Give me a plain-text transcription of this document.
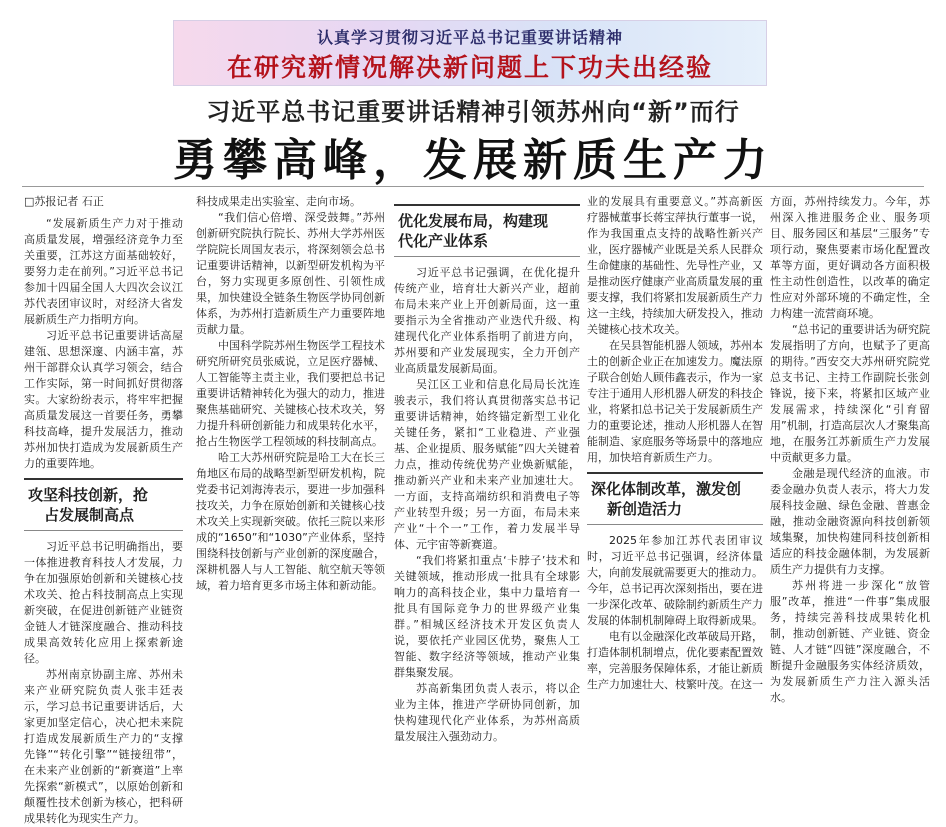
认真学习贯彻习近平总书记重要讲话精神
在研究新情况解决新问题上下功夫出经验
习近平总书记重要讲话精神引领苏州向“新”而行
勇攀高峰，发展新质生产力

□苏报记者 石正

“发展新质生产力对于推动高质量发展，增强经济竞争力至关重要，江苏这方面基础较好，要努力走在前列。”习近平总书记参加十四届全国人大四次会议江苏代表团审议时，对经济大省发展新质生产力指明方向。

习近平总书记重要讲话高屋建瓴、思想深邃、内涵丰富，苏州干部群众认真学习领会，结合工作实际，第一时间抓好贯彻落实。大家纷纷表示，将牢牢把握高质量发展这一首要任务，勇攀科技高峰，提升发展活力，推动苏州加快打造成为发展新质生产力的重要阵地。

攻坚科技创新，抢
占发展制高点

习近平总书记明确指出，要一体推进教育科技人才发展，力争在加强原始创新和关键核心技术攻关、抢占科技制高点上实现新突破，在促进创新链产业链资金链人才链深度融合、推动科技成果高效转化应用上探索新途径。

苏州南京协副主席、苏州未来产业研究院负责人张丰廷表示，学习总书记重要讲话后，大家更加坚定信心，决心把未来院打造成发展新质生产力的“支撑先锋”“转化引擎”“链接纽带”，在未来产业创新的“新赛道”上率先探索“新模式”，以原始创新和颠覆性技术创新为核心，把科研成果转化为现实生产力。

科技成果走出实验室、走向市场。

“我们信心倍增、深受鼓舞。”苏州创新研究院执行院长、苏州大学苏州医学院院长周国友表示，将深刻领会总书记重要讲话精神，以新型研发机构为平台，努力实现更多原创性、引领性成果，加快建设全链条生物医学协同创新体系，为苏州打造新质生产力重要阵地贡献力量。

中国科学院苏州生物医学工程技术研究所研究员张威说，立足医疗器械、人工智能等主责主业，我们要把总书记重要讲话精神转化为强大的动力，推进聚焦基础研究、关键核心技术攻关，努力提升科研创新能力和成果转化水平，抢占生物医学工程领域的科技制高点。

哈工大苏州研究院是哈工大在长三角地区布局的战略型新型研发机构，院党委书记刘海涛表示，要进一步加强科技攻关，力争在原始创新和关键核心技术攻关上实现新突破。依托三院以来形成的“1650”和“1030”产业体系，坚持围绕科技创新与产业创新的深度融合，深耕机器人与人工智能、航空航天等领域，着力培育更多市场主体和新动能。

优化发展布局，构建现
代化产业体系

习近平总书记强调，在优化提升传统产业，培育壮大新兴产业，超前布局未来产业上开创新局面，这一重要指示为全省推动产业迭代升级、构建现代化产业体系指明了前进方向，苏州要和产业发展现实，全力开创产业高质量发展新局面。

吴江区工业和信息化局局长沈连骏表示，我们将认真贯彻落实总书记重要讲话精神，始终锚定新型工业化关键任务，紧扣“工业稳进、产业强基、企业提质、服务赋能”四大关键着力点，推动传统优势产业焕新赋能，推动新兴产业和未来产业加速壮大。一方面，支持高端纺织和消费电子等产业转型升级；另一方面，布局未来产业“十个一”工作，着力发展半导体、元宇宙等新赛道。

“我们将紧扣重点‘卡脖子’技术和关键领域，推动形成一批具有全球影响力的高科技企业，集中力量培育一批具有国际竞争力的世界级产业集群。”相城区经济技术开发区负责人说，要依托产业园区优势，聚焦人工智能、数字经济等领域，推动产业集群集聚发展。

苏高新集团负责人表示，将以企业为主体，推进产学研协同创新，加快构建现代化产业体系，为苏州高质量发展注入强劲动力。

业的发展具有重要意义。”苏高新医疗器械董事长蒋宝萍执行董事一说，作为我国重点支持的战略性新兴产业，医疗器械产业既是关系人民群众生命健康的基础性、先导性产业，又是推动医疗健康产业高质量发展的重要支撑，我们将紧扣发展新质生产力这一主线，持续加大研发投入，推动关键核心技术攻关。

在吴县智能机器人领域，苏州本土的创新企业正在加速发力。魔法原子联合创始人顾伟鑫表示，作为一家专注于通用人形机器人研发的科技企业，将紧扣总书记关于发展新质生产力的重要论述，推动人形机器人在智能制造、家庭服务等场景中的落地应用，加快培育新质生产力。

深化体制改革，激发创
新创造活力

2025年参加江苏代表团审议时，习近平总书记强调，经济体量大，向前发展就需要更大的推动力。今年，总书记再次深刻指出，要在进一步深化改革、破除制约新质生产力发展的体制机制障碍上取得新成果。

电有以金融深化改革破局开路，打造体制机制增点，优化要素配置效率，完善服务保障体系，才能让新质生产力加速壮大、枝繁叶茂。在这一

方面，苏州持续发力。今年，苏州深入推进服务企业、服务项目、服务园区和基层“三服务”专项行动，聚焦要素市场化配置改革等方面，更好调动各方面积极性主动性创造性，以改革的确定性应对外部环境的不确定性，全力构建一流营商环境。

“总书记的重要讲话为研究院发展指明了方向，也赋予了更高的期待。”西安交大苏州研究院党总支书记、主持工作副院长张剑锋说，接下来，将紧扣区域产业发展需求，持续深化“引育留用”机制，打造高层次人才聚集高地，在服务江苏新质生产力发展中贡献更多力量。

金融是现代经济的血液。市委金融办负责人表示，将大力发展科技金融、绿色金融、普惠金融，推动金融资源向科技创新领域集聚，加快构建同科技创新相适应的科技金融体制，为发展新质生产力提供有力支撑。

苏州将进一步深化“放管服”改革，推进“一件事”集成服务，持续完善科技成果转化机制，推动创新链、产业链、资金链、人才链“四链”深度融合，不断提升金融服务实体经济质效，为发展新质生产力注入源头活水。
